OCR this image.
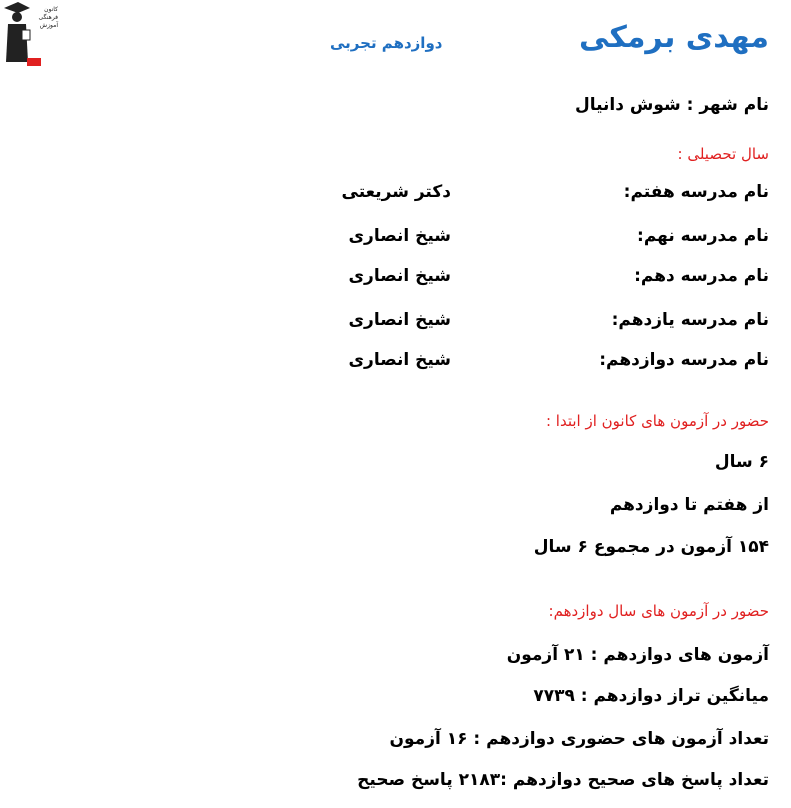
کانون
فرهنگی
آموزش
قلم چی	مهدی برمکی
دوازدهم تجربی
نام شهر : شوش دانیال
سال تحصیلی :
نام مدرسه هفتم:
دکتر شریعتی
نام مدرسه نهم:
شیخ انصاری
نام مدرسه دهم:
شیخ انصاری
نام مدرسه یازدهم:
شیخ انصاری
نام مدرسه دوازدهم:
شیخ انصاری
حضور در آزمون های کانون از ابتدا :
۶ سال
از هفتم تا دوازدهم
۱۵۴ آزمون در مجموع ۶ سال
حضور در آزمون های سال دوازدهم:
آزمون های دوازدهم : ۲۱ آزمون
میانگین تراز دوازدهم : ۷۷۳۹
تعداد آزمون های حضوری دوازدهم : ۱۶ آزمون
تعداد پاسخ های صحیح دوازدهم :۲۱۸۳ پاسخ صحیح
